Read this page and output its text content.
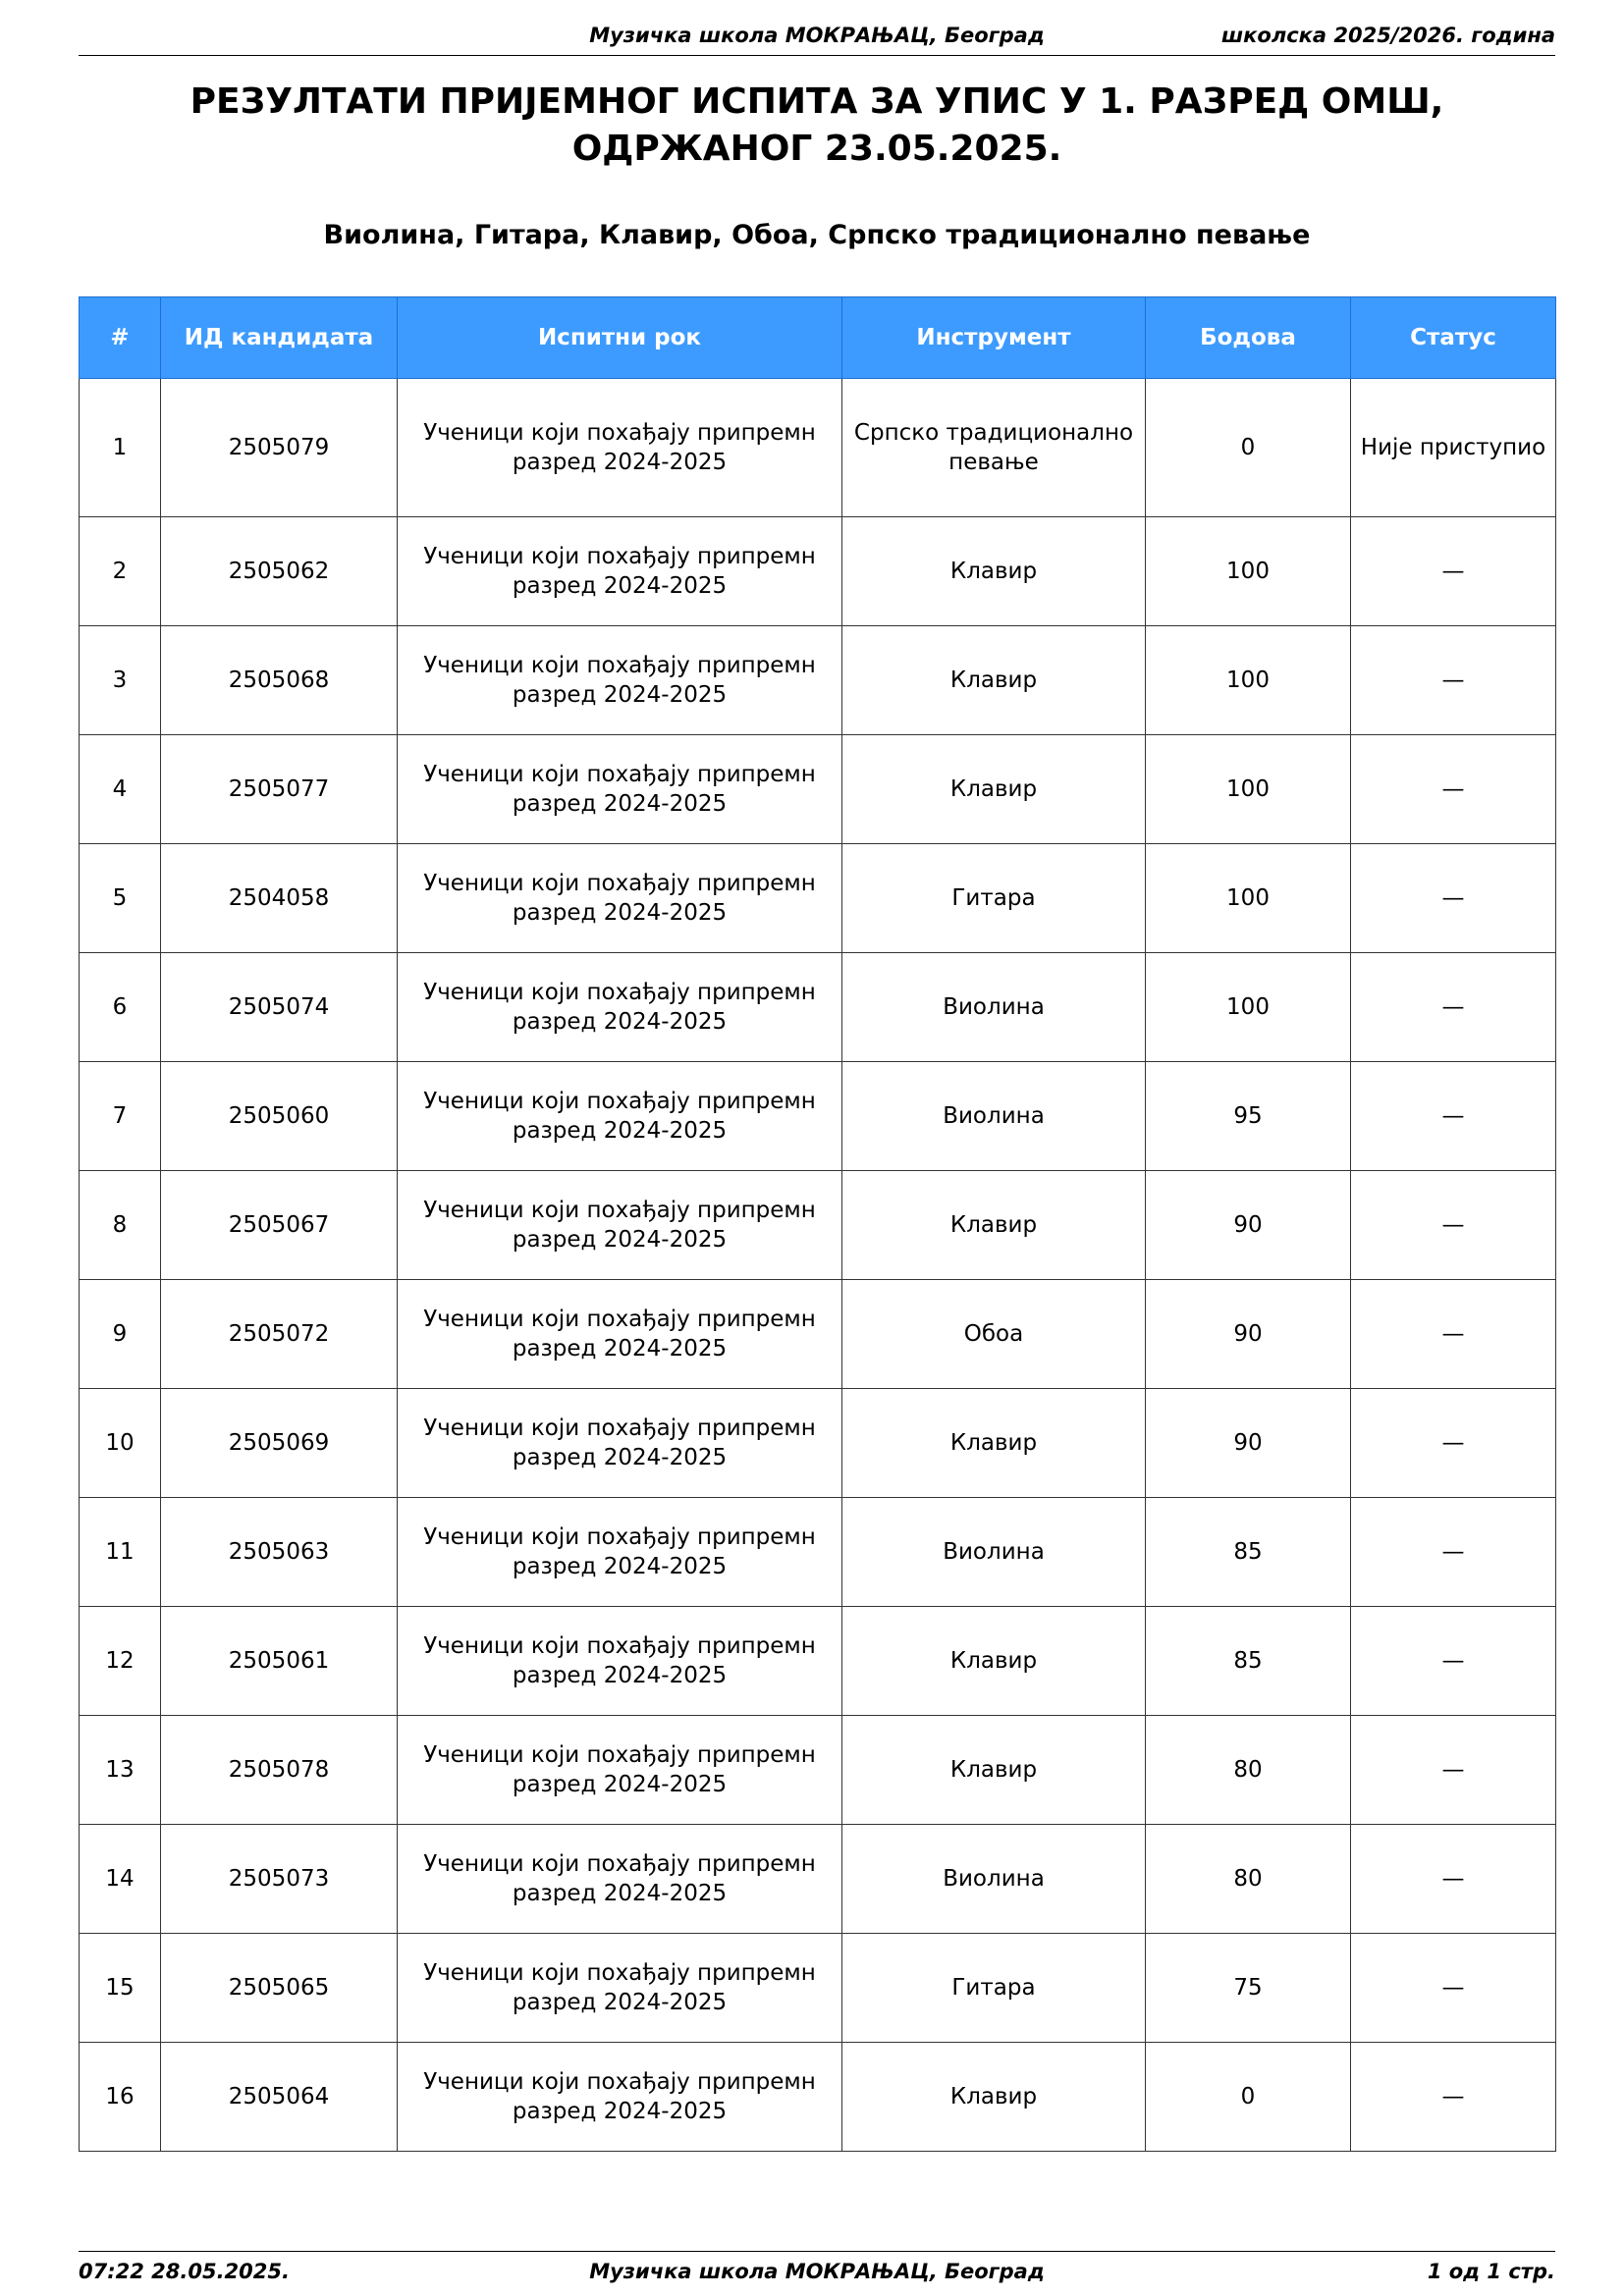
Музичка школа МОКРАЊАЦ, Београд	школска 2025/2026. година
РЕЗУЛТАТИ ПРИЈЕМНОГ ИСПИТА ЗА УПИС У 1. РАЗРЕД ОМШ, ОДРЖАНОГ 23.05.2025.
Виолина, Гитара, Клавир, Обоа, Српско традиционално певање
#	ИД кандидата	Испитни рок	Инструмент	Бодова	Статус
1	2505079	Ученици који похађају припремн разред 2024-2025	Српско традиционално певање	0	Није приступио
2	2505062	Ученици који похађају припремн разред 2024-2025	Клавир	100	—
3	2505068	Ученици који похађају припремн разред 2024-2025	Клавир	100	—
4	2505077	Ученици који похађају припремн разред 2024-2025	Клавир	100	—
5	2504058	Ученици који похађају припремн разред 2024-2025	Гитара	100	—
6	2505074	Ученици који похађају припремн разред 2024-2025	Виолина	100	—
7	2505060	Ученици који похађају припремн разред 2024-2025	Виолина	95	—
8	2505067	Ученици који похађају припремн разред 2024-2025	Клавир	90	—
9	2505072	Ученици који похађају припремн разред 2024-2025	Обоа	90	—
10	2505069	Ученици који похађају припремн разред 2024-2025	Клавир	90	—
11	2505063	Ученици који похађају припремн разред 2024-2025	Виолина	85	—
12	2505061	Ученици који похађају припремн разред 2024-2025	Клавир	85	—
13	2505078	Ученици који похађају припремн разред 2024-2025	Клавир	80	—
14	2505073	Ученици који похађају припремн разред 2024-2025	Виолина	80	—
15	2505065	Ученици који похађају припремн разред 2024-2025	Гитара	75	—
16	2505064	Ученици који похађају припремн разред 2024-2025	Клавир	0	—
07:22 28.05.2025.	Музичка школа МОКРАЊАЦ, Београд	1 од 1 стр.
